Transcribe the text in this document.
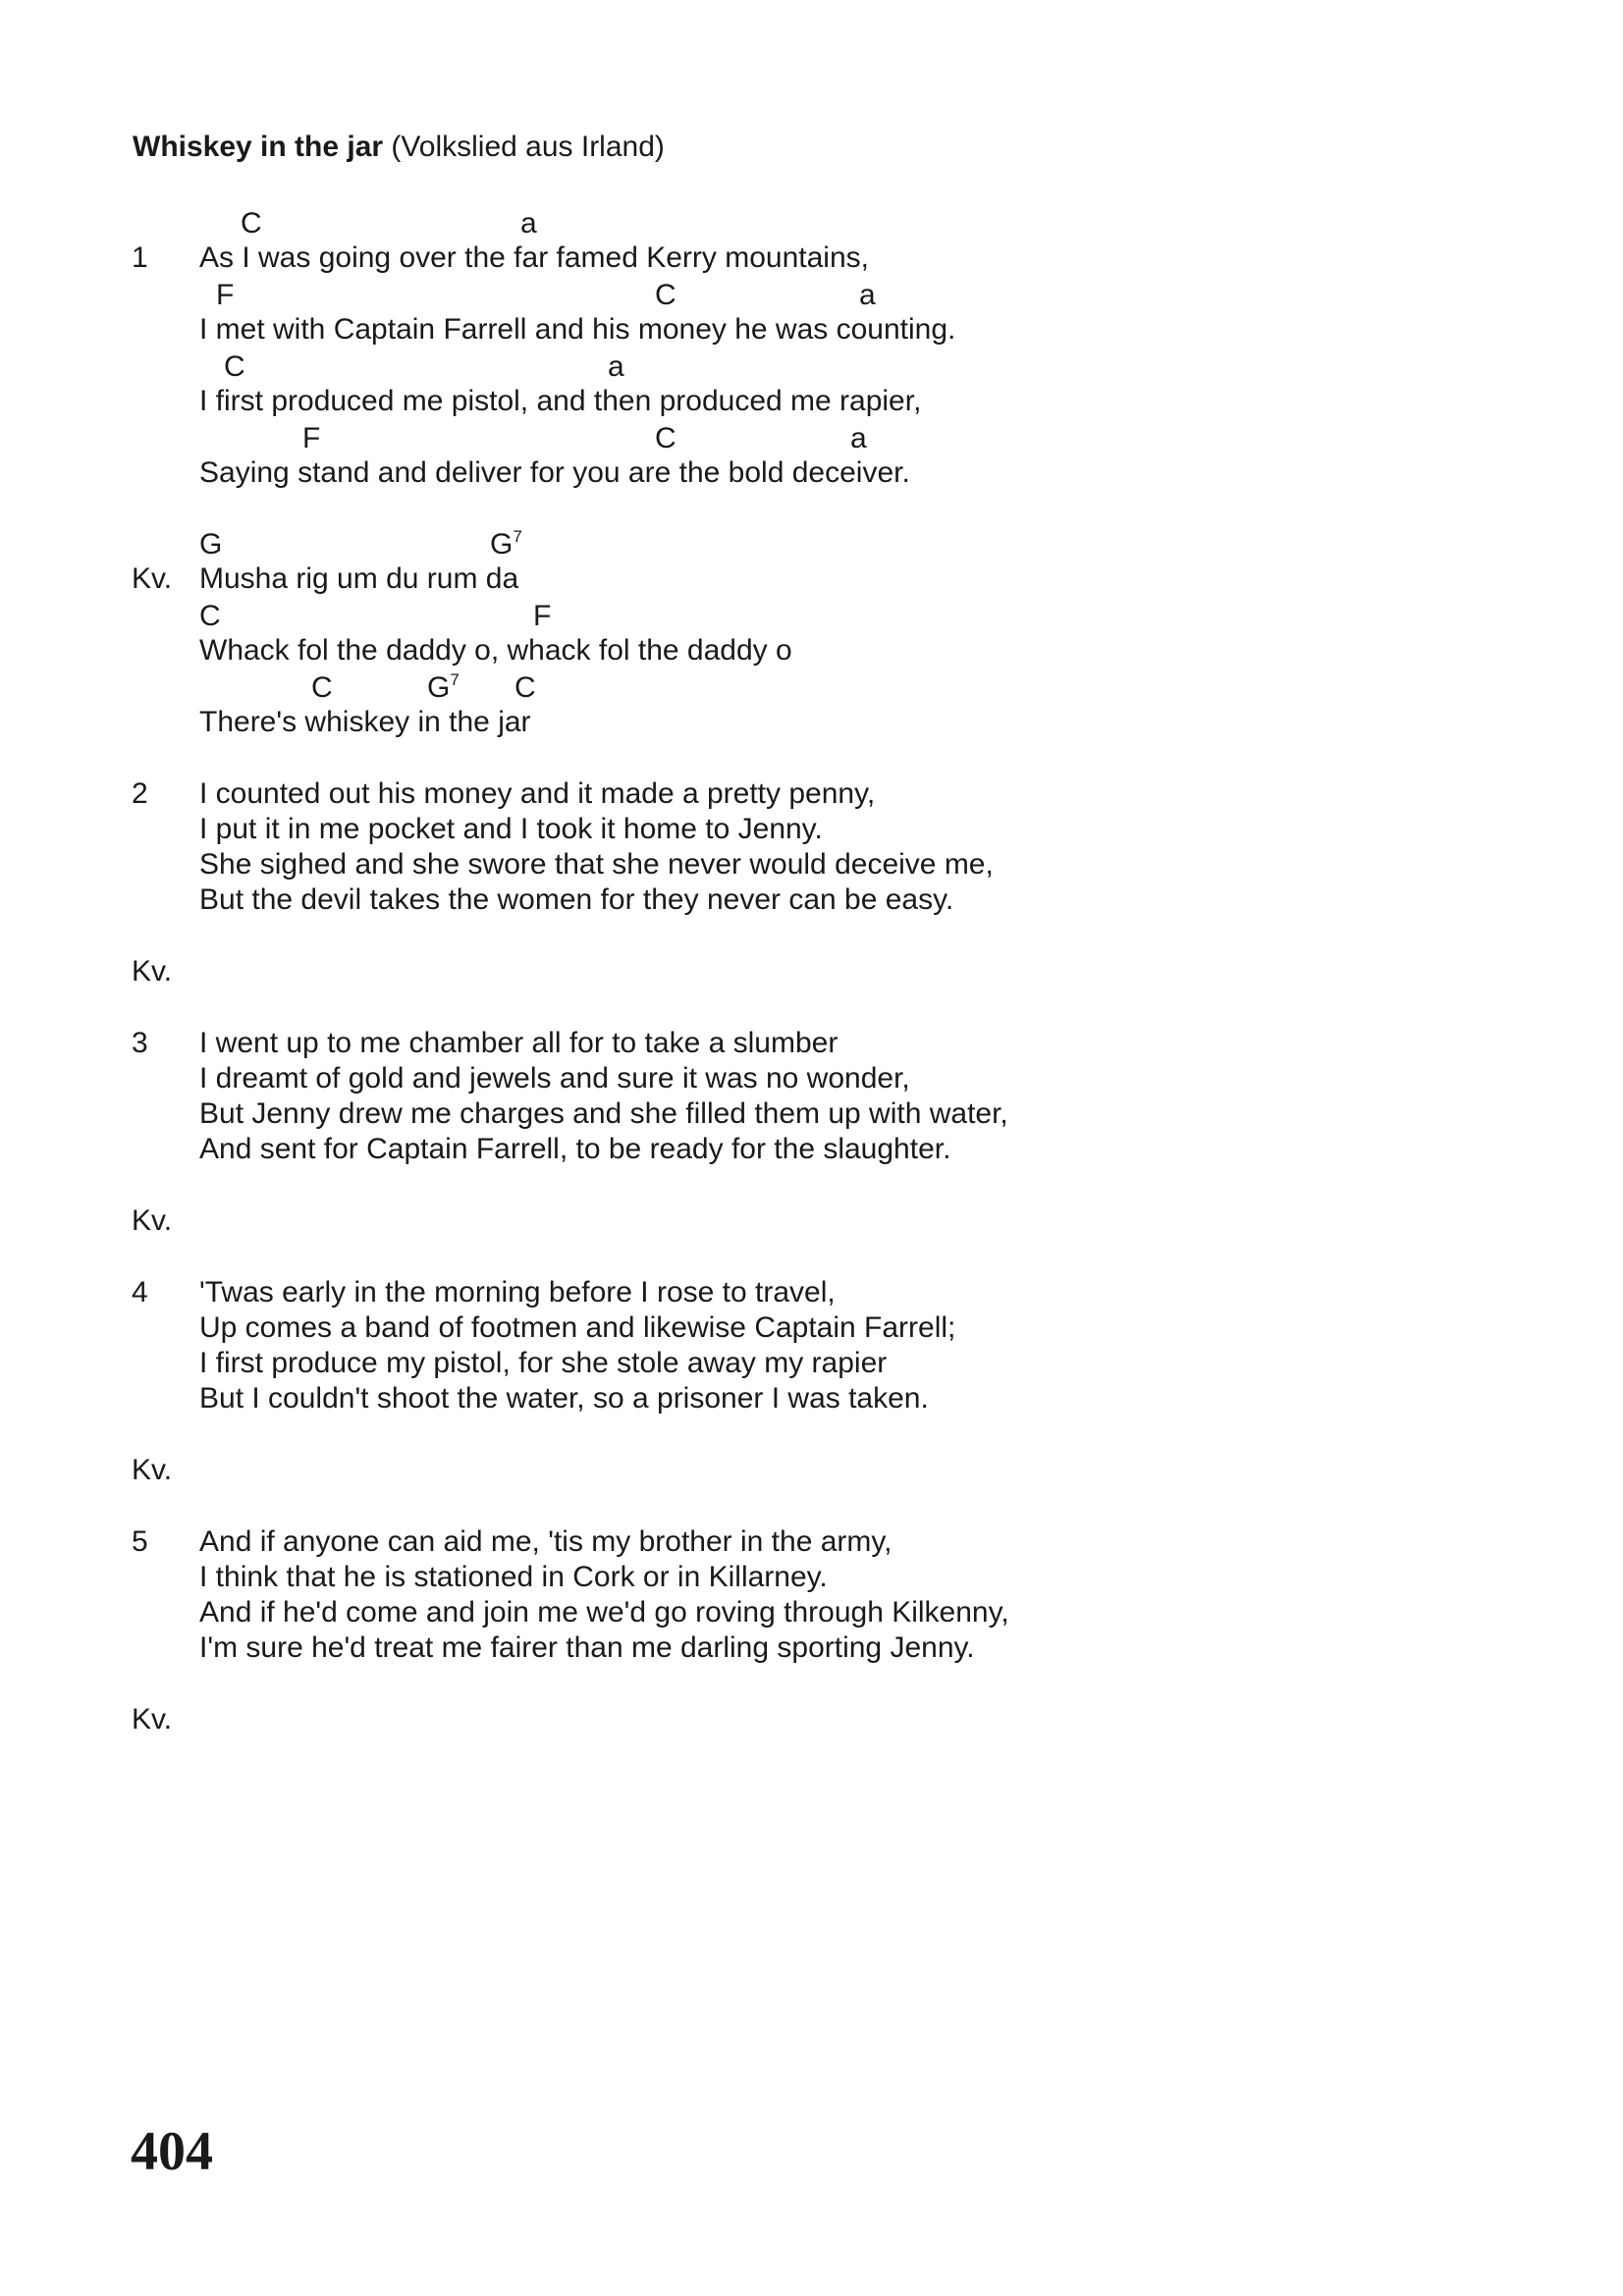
Whiskey in the jar (Volkslied aus Irland)
C	a
1 As I was going over the far famed Kerry mountains,
F	C	a
I met with Captain Farrell and his money he was counting.
C	a
I first produced me pistol, and then produced me rapier,
F	C	a
Saying stand and deliver for you are the bold deceiver.
G	$G^7$
Kv. Musha rig um du rum da
C	F
Whack fol the daddy o, whack fol the daddy o
C	$G^7$ C
There's whiskey in the jar
2 I counted out his money and it made a pretty penny,
I put it in me pocket and I took it home to Jenny.
She sighed and she swore that she never would deceive me,
But the devil takes the women for they never can be easy.
Kv.
3 I went up to me chamber all for to take a slumber
I dreamt of gold and jewels and sure it was no wonder,
But Jenny drew me charges and she filled them up with water,
And sent for Captain Farrell, to be ready for the slaughter.
Kv.
4 'Twas early in the morning before I rose to travel,
Up comes a band of footmen and likewise Captain Farrell;
I first produce my pistol, for she stole away my rapier
But I couldn't shoot the water, so a prisoner I was taken.
Kv.
5 And if anyone can aid me, 'tis my brother in the army,
I think that he is stationed in Cork or in Killarney.
And if he'd come and join me we'd go roving through Kilkenny,
I'm sure he'd treat me fairer than me darling sporting Jenny.
Kv.
404
